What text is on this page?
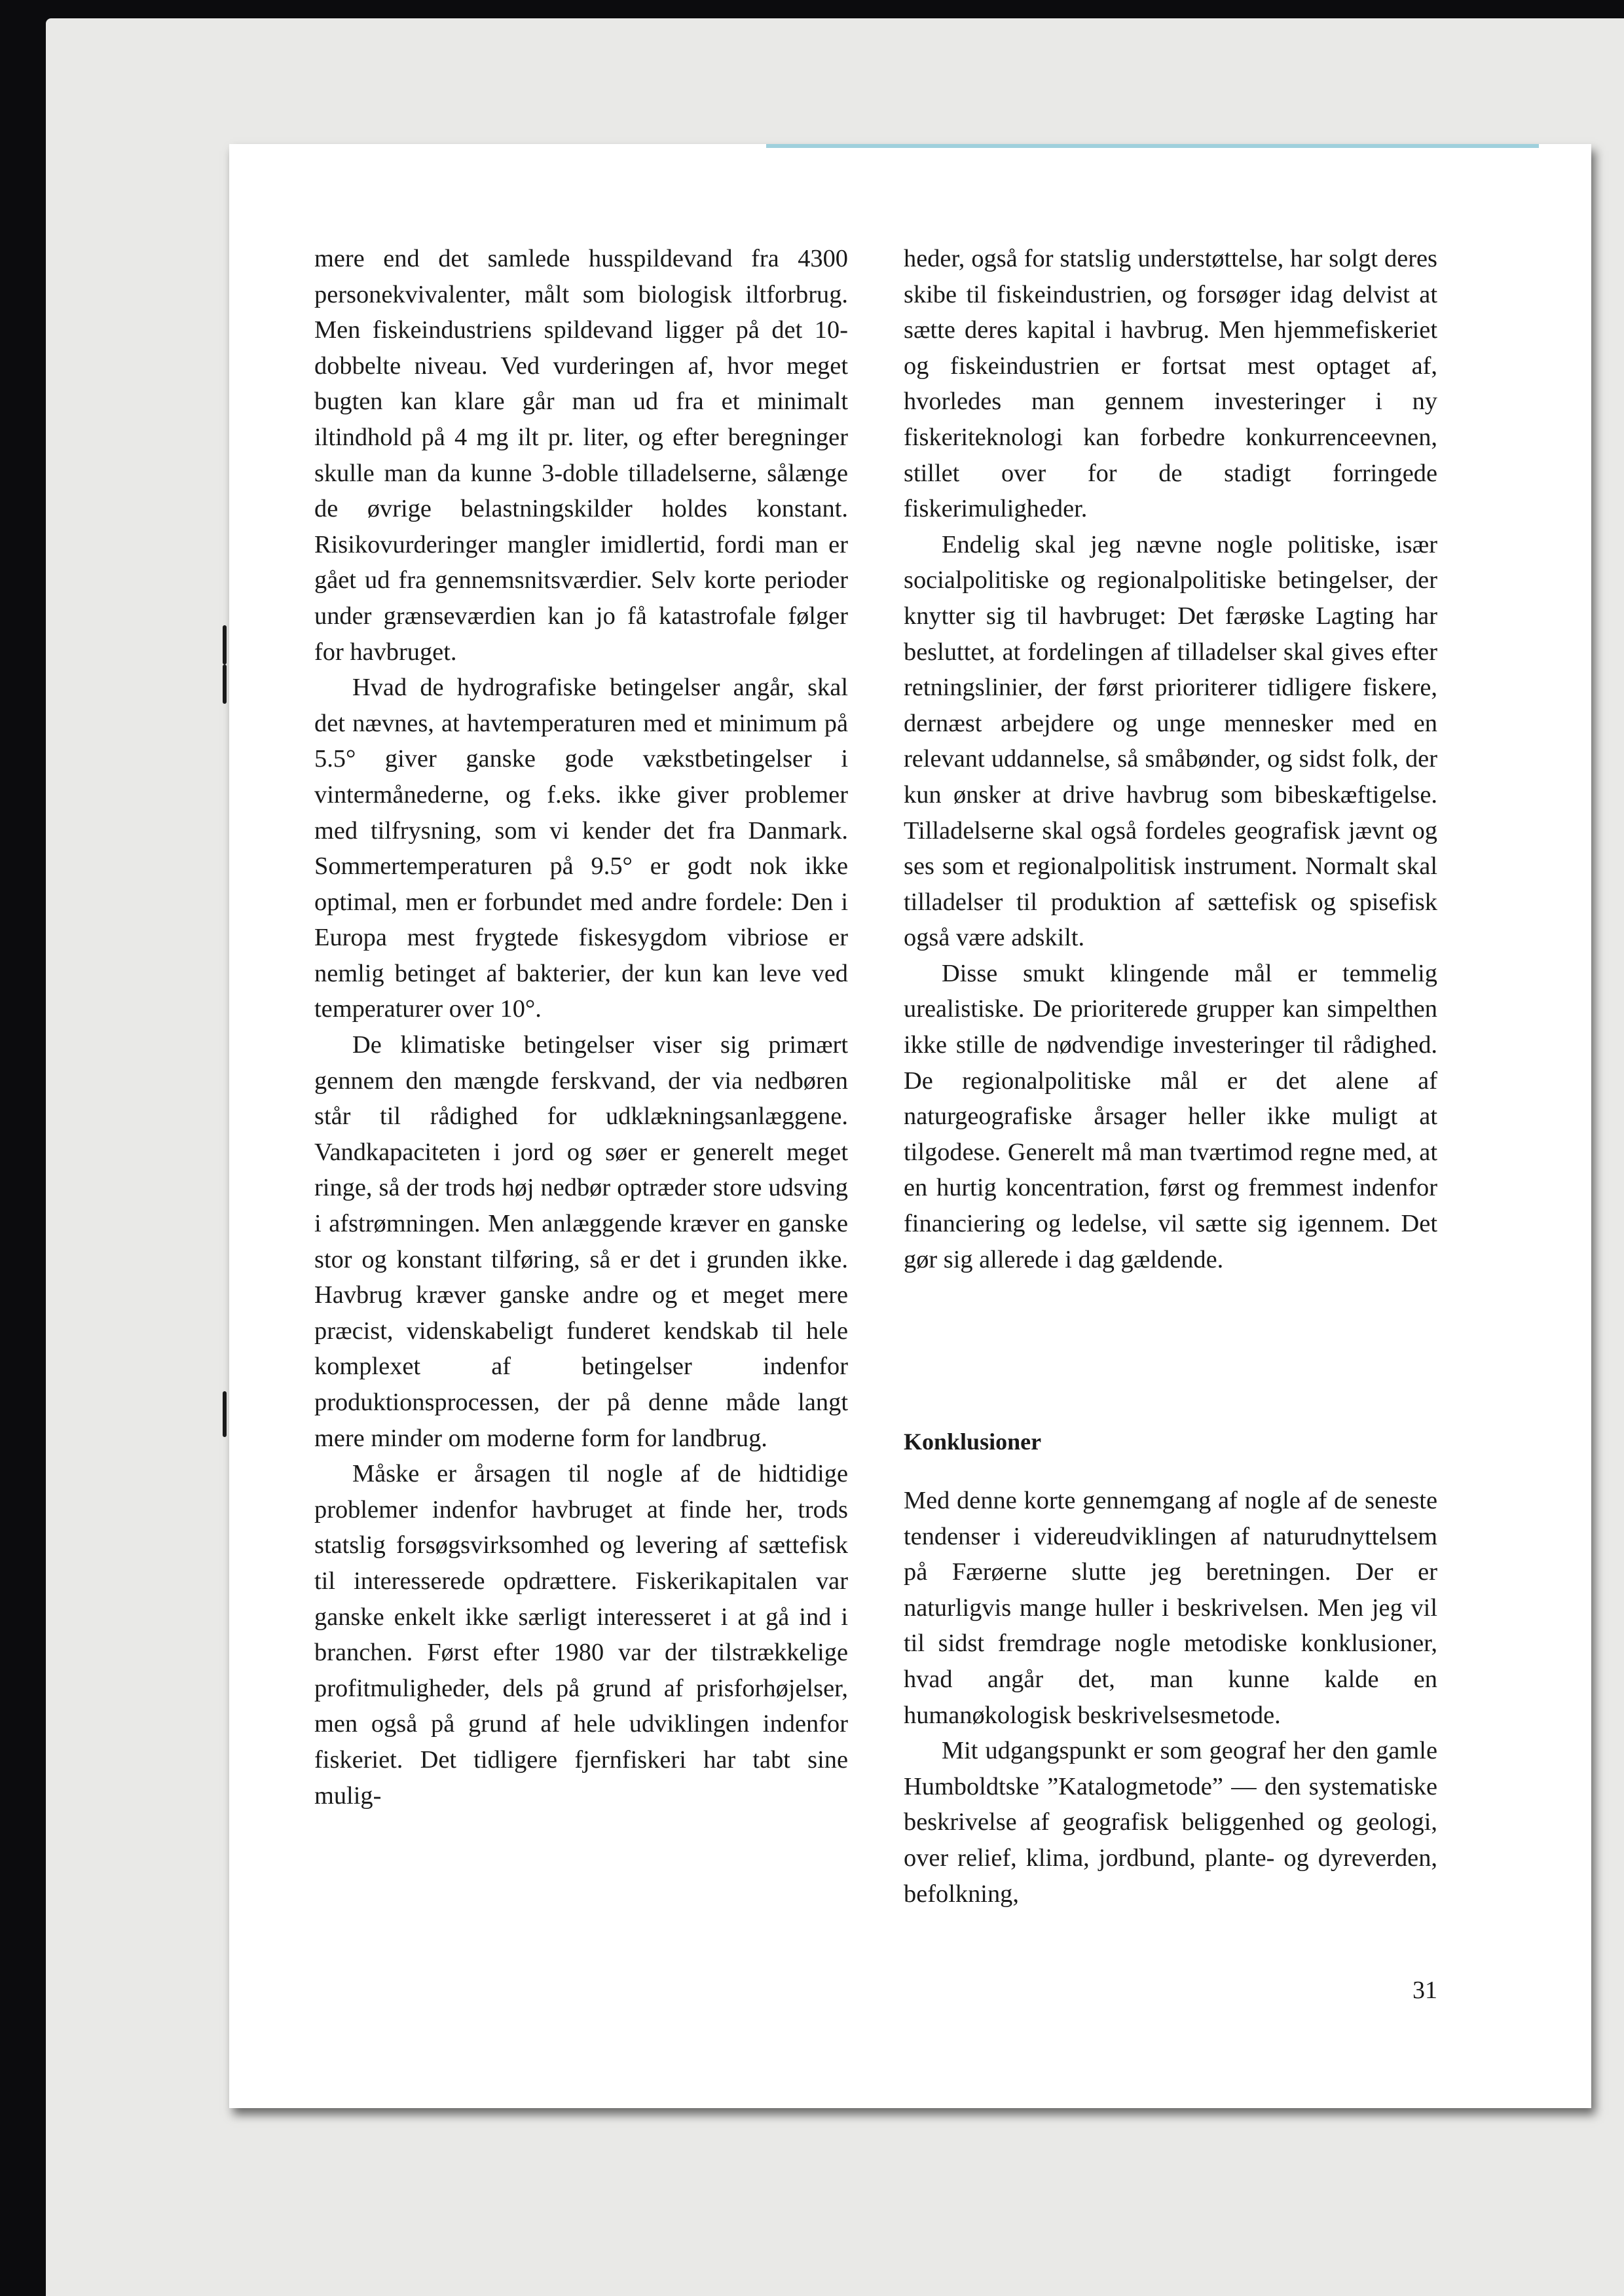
mere end det samlede husspildevand fra 4300 personekvivalenter, målt som biologisk iltforbrug. Men fiskeindustriens spildevand ligger på det 10-dobbelte niveau. Ved vurderingen af, hvor meget bugten kan klare går man ud fra et minimalt iltindhold på 4 mg ilt pr. liter, og efter beregninger skulle man da kunne 3-doble tilladelserne, sålænge de øvrige belastningskilder holdes konstant. Risikovurderinger mangler imidlertid, fordi man er gået ud fra gennemsnitsværdier. Selv korte perioder under grænseværdien kan jo få katastrofale følger for havbruget.

Hvad de hydrografiske betingelser angår, skal det nævnes, at havtemperaturen med et minimum på 5.5° giver ganske gode vækstbetingelser i vintermånederne, og f.eks. ikke giver problemer med tilfrysning, som vi kender det fra Danmark. Sommertemperaturen på 9.5° er godt nok ikke optimal, men er forbundet med andre fordele: Den i Europa mest frygtede fiskesygdom vibriose er nemlig betinget af bakterier, der kun kan leve ved temperaturer over 10°.

De klimatiske betingelser viser sig primært gennem den mængde ferskvand, der via nedbøren står til rådighed for udklækningsanlæggene. Vandkapaciteten i jord og søer er generelt meget ringe, så der trods høj nedbør optræder store udsving i afstrømningen. Men anlæggende kræver en ganske stor og konstant tilføring, så er det i grunden ikke. Havbrug kræver ganske andre og et meget mere præcist, videnskabeligt funderet kendskab til hele komplexet af betingelser indenfor produktionsprocessen, der på denne måde langt mere minder om moderne form for landbrug.

Måske er årsagen til nogle af de hidtidige problemer indenfor havbruget at finde her, trods statslig forsøgsvirksomhed og levering af sættefisk til interesserede opdrættere. Fiskerikapitalen var ganske enkelt ikke særligt interesseret i at gå ind i branchen. Først efter 1980 var der tilstrækkelige profitmuligheder, dels på grund af prisforhøjelser, men også på grund af hele udviklingen indenfor fiskeriet. Det tidligere fjernfiskeri har tabt sine mulig-

heder, også for statslig understøttelse, har solgt deres skibe til fiskeindustrien, og forsøger idag delvist at sætte deres kapital i havbrug. Men hjemmefiskeriet og fiskeindustrien er fortsat mest optaget af, hvorledes man gennem investeringer i ny fiskeriteknologi kan forbedre konkurrenceevnen, stillet over for de stadigt forringede fiskerimuligheder.

Endelig skal jeg nævne nogle politiske, især socialpolitiske og regionalpolitiske betingelser, der knytter sig til havbruget: Det færøske Lagting har besluttet, at fordelingen af tilladelser skal gives efter retningslinier, der først prioriterer tidligere fiskere, dernæst arbejdere og unge mennesker med en relevant uddannelse, så småbønder, og sidst folk, der kun ønsker at drive havbrug som bibeskæftigelse. Tilladelserne skal også fordeles geografisk jævnt og ses som et regionalpolitisk instrument. Normalt skal tilladelser til produktion af sættefisk og spisefisk også være adskilt.

Disse smukt klingende mål er temmelig urealistiske. De prioriterede grupper kan simpelthen ikke stille de nødvendige investeringer til rådighed. De regionalpolitiske mål er det alene af naturgeografiske årsager heller ikke muligt at tilgodese. Generelt må man tværtimod regne med, at en hurtig koncentration, først og fremmest indenfor financiering og ledelse, vil sætte sig igennem. Det gør sig allerede i dag gældende.

Konklusioner

Med denne korte gennemgang af nogle af de seneste tendenser i videreudviklingen af naturudnyttelsem på Færøerne slutte jeg beretningen. Der er naturligvis mange huller i beskrivelsen. Men jeg vil til sidst fremdrage nogle metodiske konklusioner, hvad angår det, man kunne kalde en humanøkologisk beskrivelsesmetode.

Mit udgangspunkt er som geograf her den gamle Humboldtske ”Katalogmetode” — den systematiske beskrivelse af geografisk beliggenhed og geologi, over relief, klima, jordbund, plante- og dyreverden, befolkning,

31
